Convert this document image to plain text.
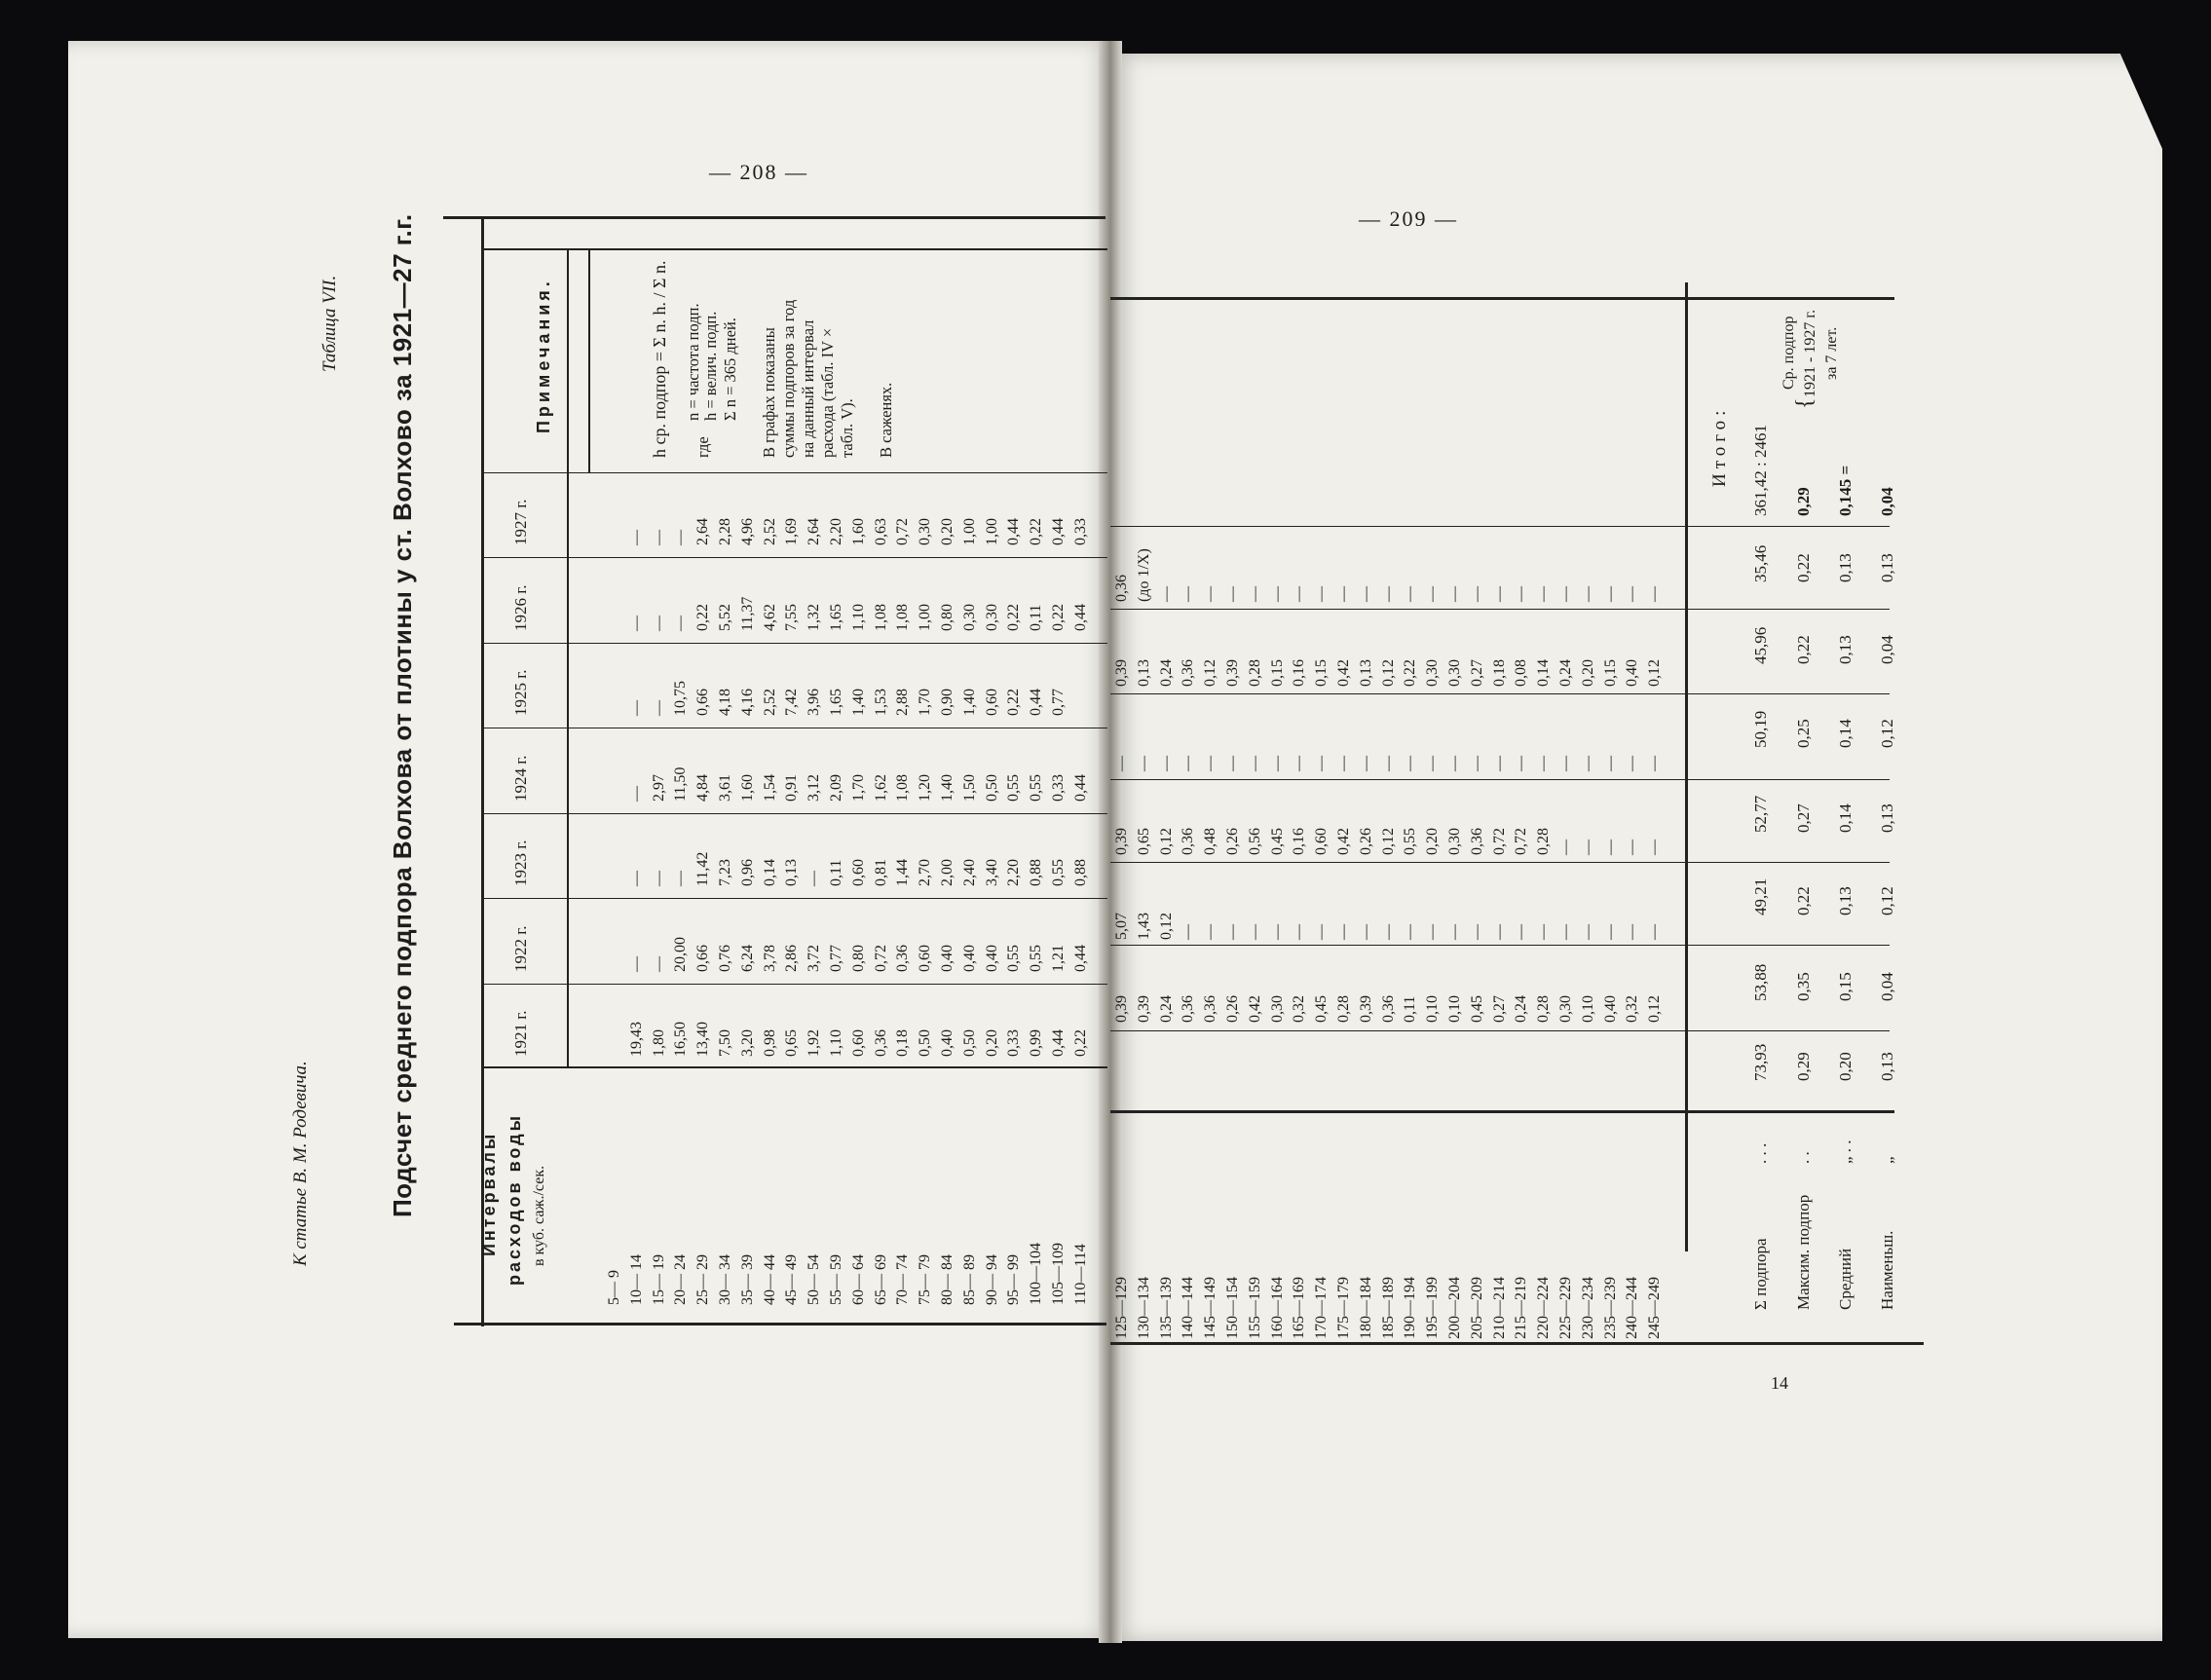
— 208 —
К статье В. М. Родевича.
Таблица VII. Подсчет среднего подпора Волхова от плотины у ст. Волхово за 1921—27 г.г.	Интервалы расходов воды в куб. саж./сек.
Примечания.
1921 г.
1922 г.
1923 г.
1924 г.
1925 г.
1926 г.
1927 г.
5— 9 10— 14
19,43
—
—
—
—
—
—
15— 19
1,80
—
—
2,97
—
—
—
20— 24
16,50
20,00
—
11,50
10,75
—
—
25— 29
13,40
0,66
11,42
4,84
0,66
0,22
2,64
30— 34
7,50
0,76
7,23
3,61
4,18
5,52
2,28
35— 39
3,20
6,24
0,96
1,60
4,16
11,37
4,96
40— 44
0,98
3,78
0,14
1,54
2,52
4,62
2,52
45— 49
0,65
2,86
0,13
0,91
7,42
7,55
1,69
50— 54
1,92
3,72
—
3,12
3,96
1,32
2,64
55— 59
1,10
0,77
0,11
2,09
1,65
1,65
2,20
60— 64
0,60
0,80
0,60
1,70
1,40
1,10
1,60
65— 69
0,36
0,72
0,81
1,62
1,53
1,08
0,63
70— 74
0,18
0,36
1,44
1,08
2,88
1,08
0,72
75— 79
0,50
0,60
2,70
1,20
1,70
1,00
0,30
80— 84
0,40
0,40
2,00
1,40
0,90
0,80
0,20
85— 89
0,50
0,40
2,40
1,50
1,40
0,30
1,00
90— 94
0,20
0,40
3,40
0,50
0,60
0,30
1,00
95— 99
0,33
0,55
2,20
0,55
0,22
0,22
0,44
100—104
0,99
0,55
0,88
0,55
0,44
0,11
0,22
105—109
0,44
1,21
0,55
0,33
0,77
0,22
0,44
110—114
0,22
0,44
0,88
0,44
0,44
0,33
h ср. подпор = Σ n. h. / Σ n. где
n = частота подп. h = велич. подп. Σ n = 365 дней. В графах показаны суммы подпоров за год на данный интервал расхода (табл. IV × табл. V). В саженях.
— 209 —
125—129
0,39
5,07
0,39
—
0,39
0,36
130—134
0,39
1,43
0,65
—
0,13
(до 1/X)
135—139
0,24
0,12
0,12
—
0,24
—
140—144
0,36
—
0,36
—
0,36
—
145—149
0,36
—
0,48
—
0,12
—
150—154
0,26
—
0,26
—
0,39
—
155—159
0,42
—
0,56
—
0,28
—
160—164
0,30
—
0,45
—
0,15
—
165—169
0,32
—
0,16
—
0,16
—
170—174
0,45
—
0,60
—
0,15
—
175—179
0,28
—
0,42
—
0,42
—
180—184
0,39
—
0,26
—
0,13
—
185—189
0,36
—
0,12
—
0,12
—
190—194
0,11
—
0,55
—
0,22
—
195—199
0,10
—
0,20
—
0,30
—
200—204
0,10
—
0,30
—
0,30
—
205—209
0,45
—
0,36
—
0,27
—
210—214
0,27
—
0,72
—
0,18
—
215—219
0,24
—
0,72
—
0,08
—
220—224
0,28
—
0,28
—
0,14
—
225—229
0,30
—
—
—
0,24
—
230—234
0,10
—
—
—
0,20
—
235—239
0,40
—
—
—
0,15
—
240—244
0,32
—
—
—
0,40
—
245—249
0,12
—
—
—
0,12
—
73,93 0,29 0,20 0,13
53,88 0,35 0,15 0,04
49,21 0,22 0,13 0,12
52,77 0,27 0,14 0,13
50,19 0,25 0,14 0,12
45,96 0,22 0,13 0,04
35,46 0,22 0,13 0,13
Σ подпора Максим. подпор Средний Наименьш.
. . . . . „ . . „
Итого: 361,42 : 2461 0,29 0,145 =
{
Ср. подпор 1921 - 1927 г. за 7 лет.
0,04
14
